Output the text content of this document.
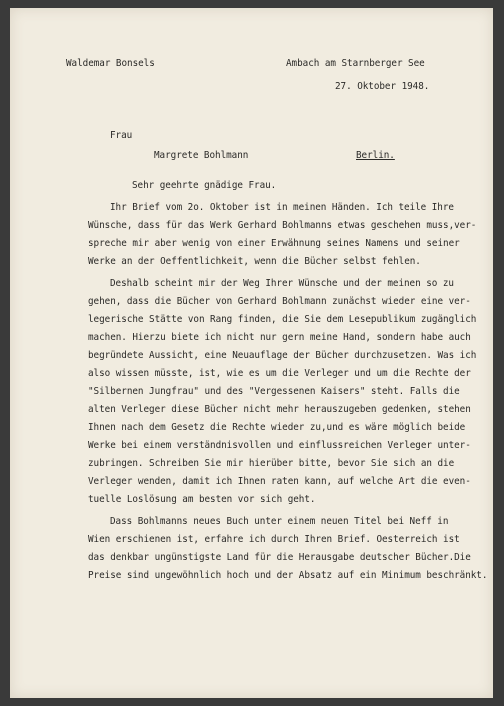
Waldemar Bonsels	Ambach am Starnberger See
27. Oktober 1948.
Frau
Margrete Bohlmann	Berlin.
Sehr geehrte gnädige Frau.
Ihr Brief vom 2o. Oktober ist in meinen Händen. Ich teile Ihre
Wünsche, dass für das Werk Gerhard Bohlmanns etwas geschehen muss,ver-
spreche mir aber wenig von einer Erwähnung seines Namens und seiner
Werke an der Oeffentlichkeit, wenn die Bücher selbst fehlen.
Deshalb scheint mir der Weg Ihrer Wünsche und der meinen so zu
gehen, dass die Bücher von Gerhard Bohlmann zunächst wieder eine ver-
legerische Stätte von Rang finden, die Sie dem Lesepublikum zugänglich
machen. Hierzu biete ich nicht nur gern meine Hand, sondern habe auch
begründete Aussicht, eine Neuauflage der Bücher durchzusetzen. Was ich
also wissen müsste, ist, wie es um die Verleger und um die Rechte der
"Silbernen Jungfrau" und des "Vergessenen Kaisers" steht. Falls die
alten Verleger diese Bücher nicht mehr herauszugeben gedenken, stehen
Ihnen nach dem Gesetz die Rechte wieder zu,und es wäre möglich beide
Werke bei einem verständnisvollen und einflussreichen Verleger unter-
zubringen. Schreiben Sie mir hierüber bitte, bevor Sie sich an die
Verleger wenden, damit ich Ihnen raten kann, auf welche Art die even-
tuelle Loslösung am besten vor sich geht.
Dass Bohlmanns neues Buch unter einem neuen Titel bei Neff in
Wien erschienen ist, erfahre ich durch Ihren Brief. Oesterreich ist
das denkbar ungünstigste Land für die Herausgabe deutscher Bücher.Die
Preise sind ungewöhnlich hoch und der Absatz auf ein Minimum beschränkt.
